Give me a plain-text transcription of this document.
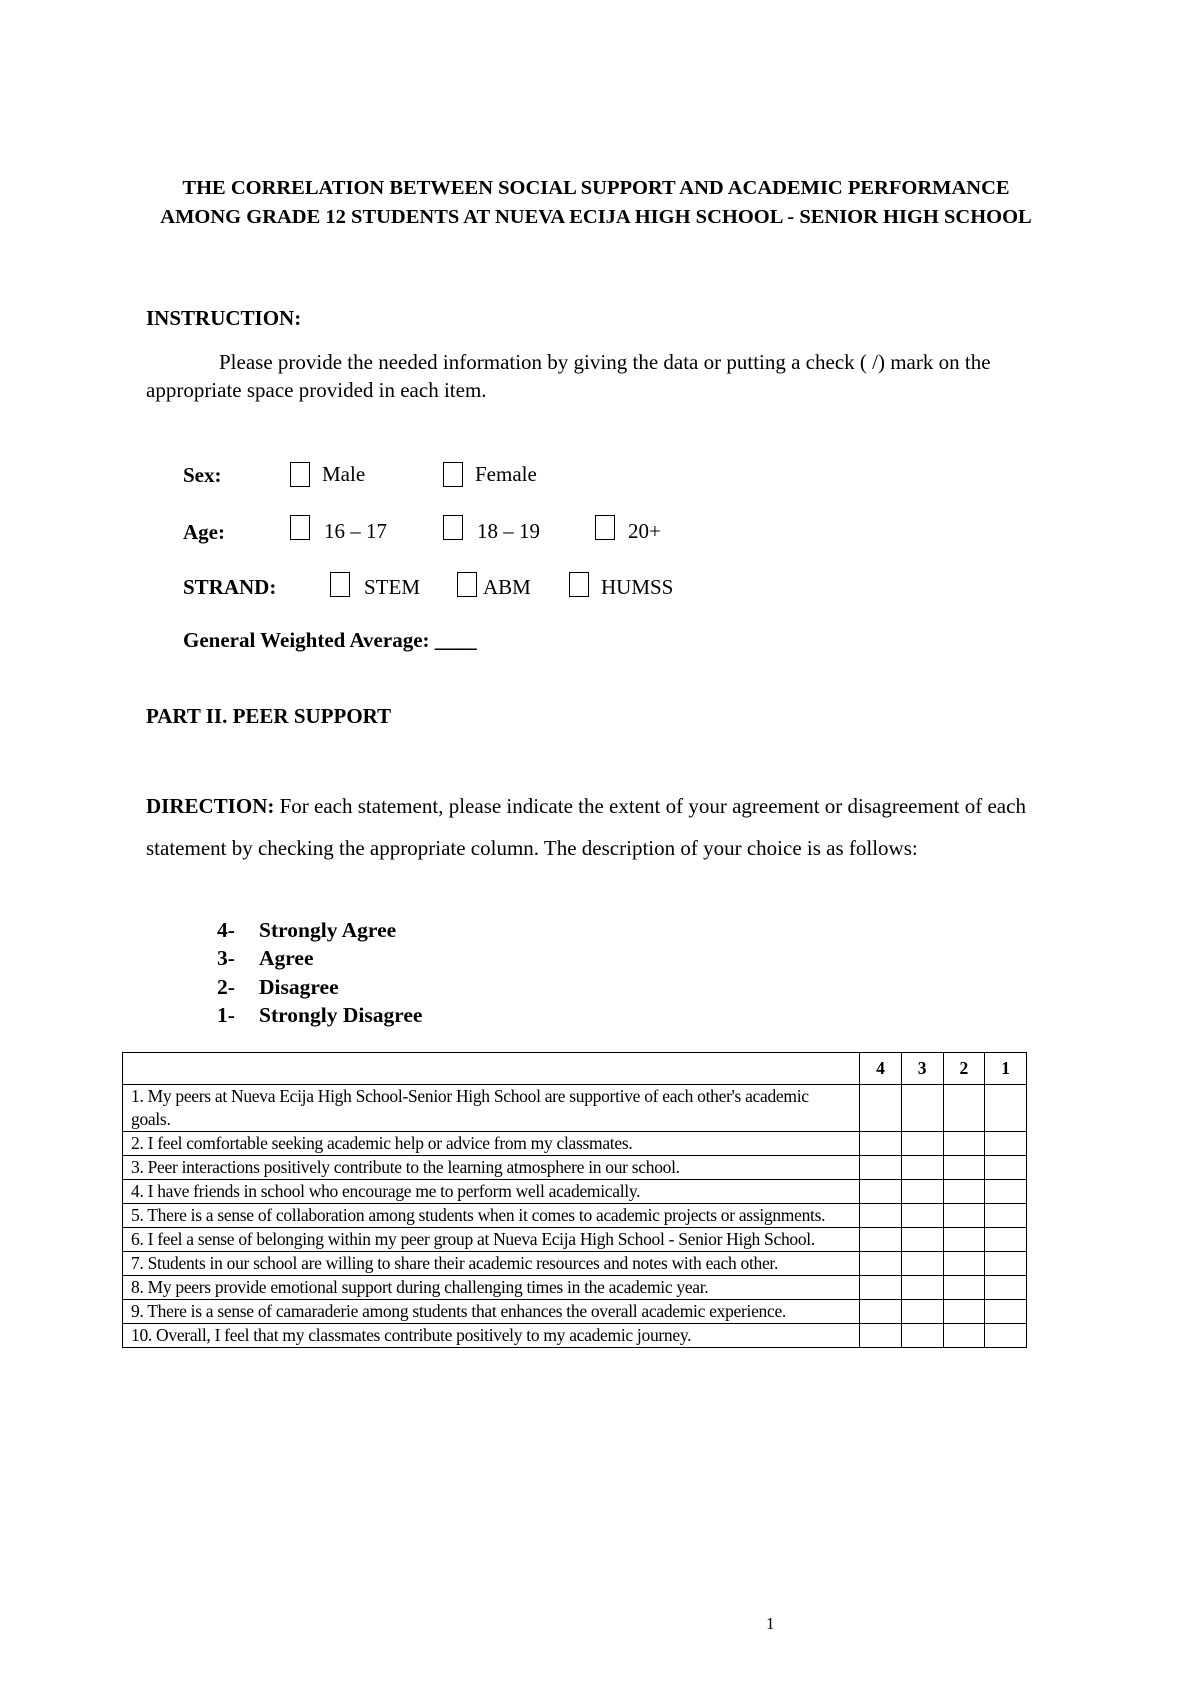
THE CORRELATION BETWEEN SOCIAL SUPPORT AND ACADEMIC PERFORMANCE AMONG GRADE 12 STUDENTS AT NUEVA ECIJA HIGH SCHOOL - SENIOR HIGH SCHOOL
INSTRUCTION:
Please provide the needed information by giving the data or putting a check ( /) mark on the appropriate space provided in each item.
Sex:	Male	Female
Age:	16 – 17	18 – 19	20+
STRAND:	STEM	ABM	HUMSS
General Weighted Average: ____
PART II. PEER SUPPORT
DIRECTION: For each statement, please indicate the extent of your agreement or disagreement of each statement by checking the appropriate column. The description of your choice is as follows:
4- Strongly Agree
3- Agree
2- Disagree
1- Strongly Disagree
	4	3	2	1
1. My peers at Nueva Ecija High School-Senior High School are supportive of each other's academic goals.				
2. I feel comfortable seeking academic help or advice from my classmates.				
3. Peer interactions positively contribute to the learning atmosphere in our school.				
4. I have friends in school who encourage me to perform well academically.				
5. There is a sense of collaboration among students when it comes to academic projects or assignments.				
6. I feel a sense of belonging within my peer group at Nueva Ecija High School - Senior High School.				
7. Students in our school are willing to share their academic resources and notes with each other.				
8. My peers provide emotional support during challenging times in the academic year.				
9. There is a sense of camaraderie among students that enhances the overall academic experience.				
10. Overall, I feel that my classmates contribute positively to my academic journey.				
1
